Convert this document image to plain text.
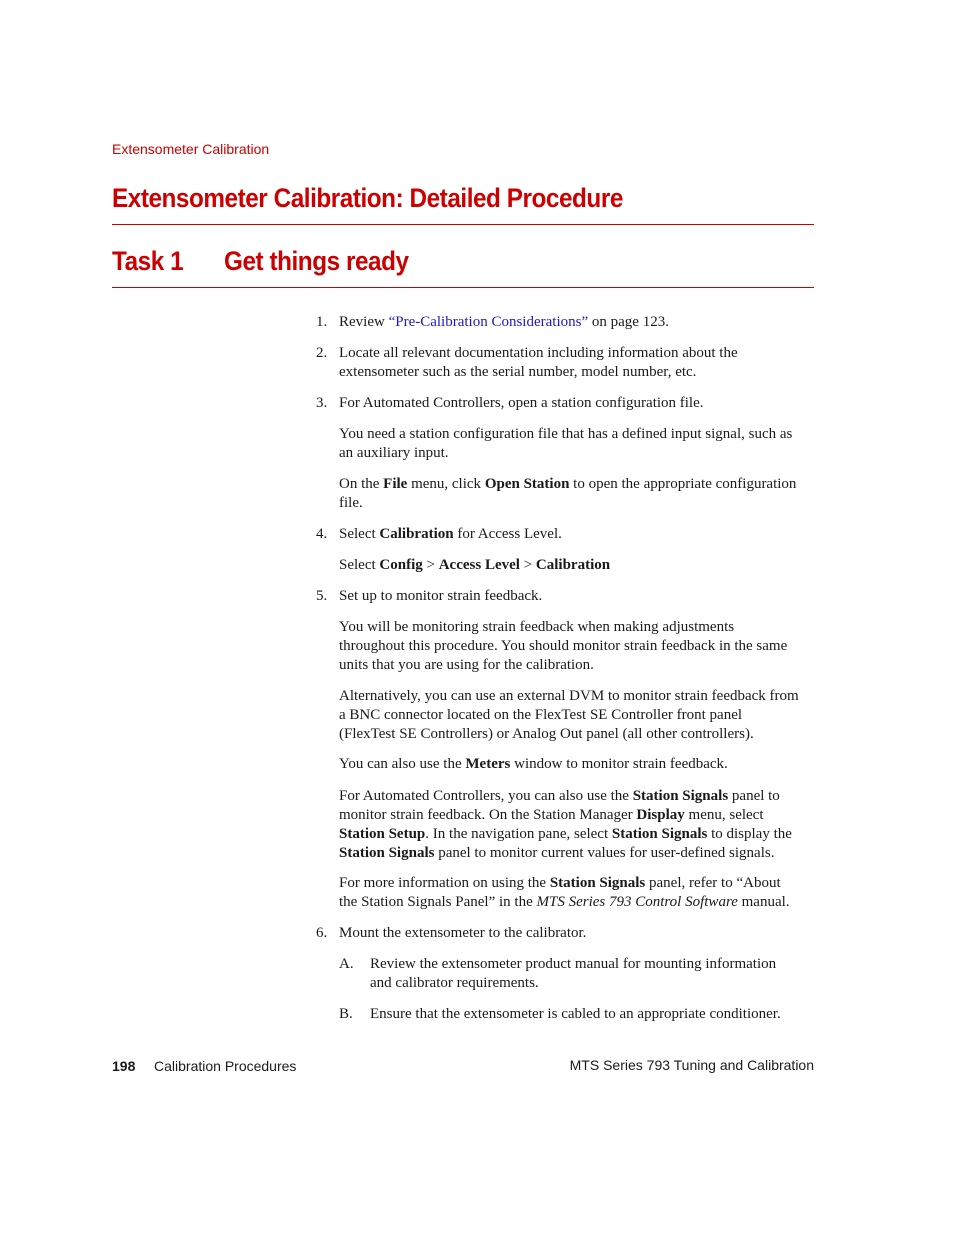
Extensometer Calibration
Extensometer Calibration: Detailed Procedure
Task 1 Get things ready
1. Review “Pre-Calibration Considerations” on page 123.
2. Locate all relevant documentation including information about the
extensometer such as the serial number, model number, etc.
3. For Automated Controllers, open a station configuration file.
You need a station configuration file that has a defined input signal, such as
an auxiliary input.
On the File menu, click Open Station to open the appropriate configuration
file.
4. Select Calibration for Access Level.
Select Config > Access Level > Calibration
5. Set up to monitor strain feedback.
You will be monitoring strain feedback when making adjustments
throughout this procedure. You should monitor strain feedback in the same
units that you are using for the calibration.
Alternatively, you can use an external DVM to monitor strain feedback from
a BNC connector located on the FlexTest SE Controller front panel
(FlexTest SE Controllers) or Analog Out panel (all other controllers).
You can also use the Meters window to monitor strain feedback.
For Automated Controllers, you can also use the Station Signals panel to
monitor strain feedback. On the Station Manager Display menu, select
Station Setup. In the navigation pane, select Station Signals to display the
Station Signals panel to monitor current values for user-defined signals.
For more information on using the Station Signals panel, refer to “About
the Station Signals Panel” in the MTS Series 793 Control Software manual.
6. Mount the extensometer to the calibrator.
A. Review the extensometer product manual for mounting information
and calibrator requirements.
B. Ensure that the extensometer is cabled to an appropriate conditioner.
198 Calibration Procedures	MTS Series 793 Tuning and Calibration
